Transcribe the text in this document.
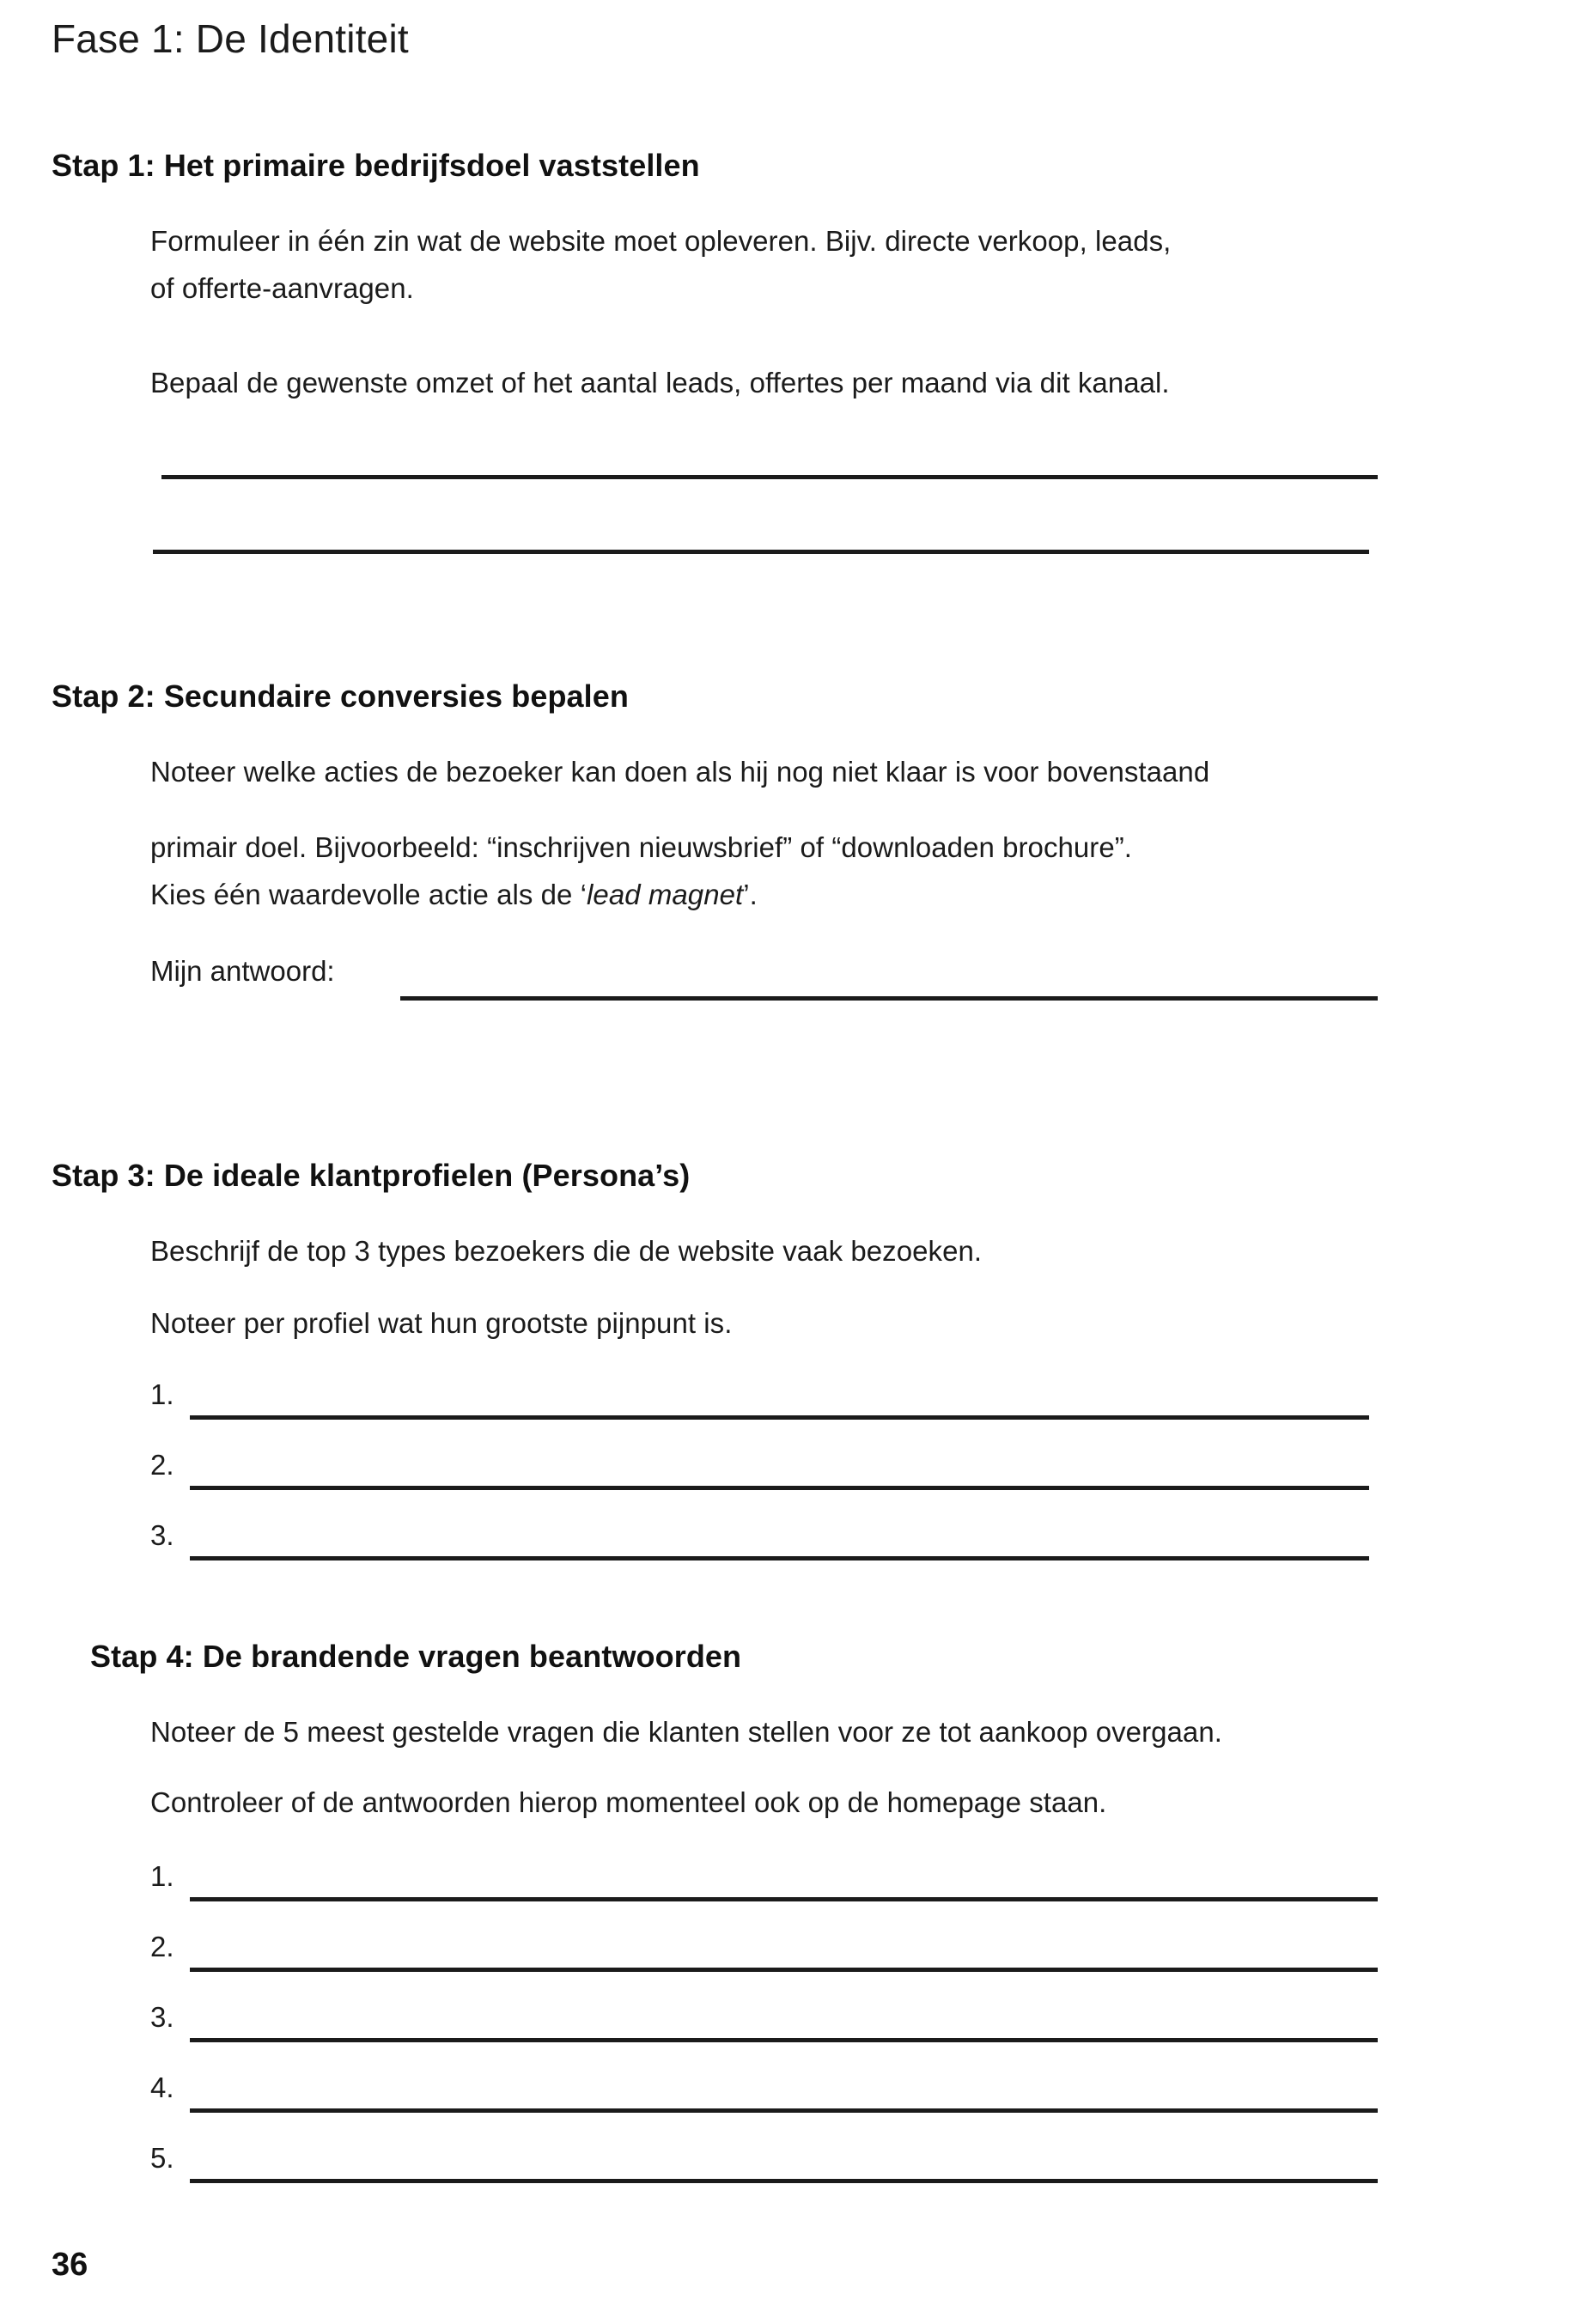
Fase 1: De Identiteit
Stap 1: Het primaire bedrijfsdoel vaststellen
Formuleer in één zin wat de website moet opleveren. Bijv. directe verkoop, leads,
of offerte-aanvragen.
Bepaal de gewenste omzet of het aantal leads, offertes per maand via dit kanaal.
Stap 2: Secundaire conversies bepalen
Noteer welke acties de bezoeker kan doen als hij nog niet klaar is voor bovenstaand
primair doel. Bijvoorbeeld: “inschrijven nieuwsbrief” of “downloaden brochure”.
Kies één waardevolle actie als de ‘lead magnet’.
Mijn antwoord:
Stap 3: De ideale klantprofielen (Persona’s)
Beschrijf de top 3 types bezoekers die de website vaak bezoeken.
Noteer per profiel wat hun grootste pijnpunt is.
1.
2.
3.
Stap 4: De brandende vragen beantwoorden
Noteer de 5 meest gestelde vragen die klanten stellen voor ze tot aankoop overgaan.
Controleer of de antwoorden hierop momenteel ook op de homepage staan.
1.
2.
3.
4.
5.
36
